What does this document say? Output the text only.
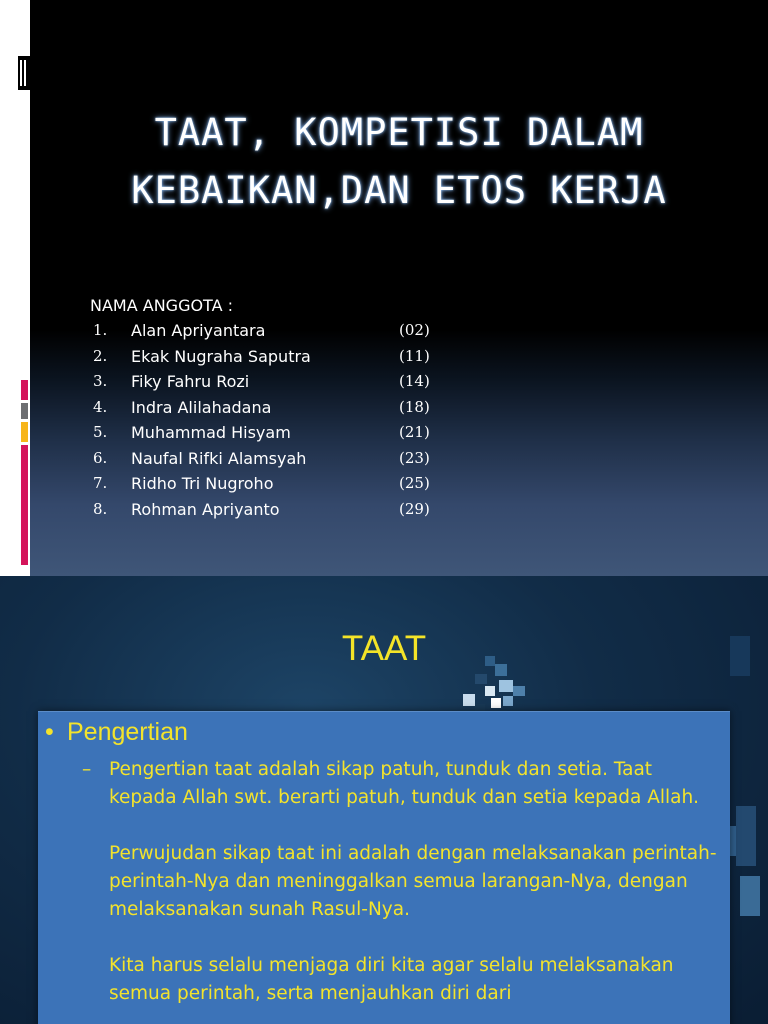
TAAT, KOMPETISI DALAM
KEBAIKAN,DAN ETOS KERJA
NAMA ANGGOTA :
1. Alan Apriyantara	(02)
2. Ekak Nugraha Saputra	(11)
3. Fiky Fahru Rozi	(14)
4. Indra Alilahadana	(18)
5. Muhammad Hisyam	(21)
6. Naufal Rifki Alamsyah	(23)
7. Ridho Tri Nugroho	(25)
8. Rohman Apriyanto	(29)
TAAT
• Pengertian
– Pengertian taat adalah sikap patuh, tunduk dan setia. Taat kepada Allah swt. berarti patuh, tunduk dan setia kepada Allah.

Perwujudan sikap taat ini adalah dengan melaksanakan perintah-perintah-Nya dan meninggalkan semua larangan-Nya, dengan melaksanakan sunah Rasul-Nya.

Kita harus selalu menjaga diri kita agar selalu melaksanakan semua perintah, serta menjauhkan diri dari
